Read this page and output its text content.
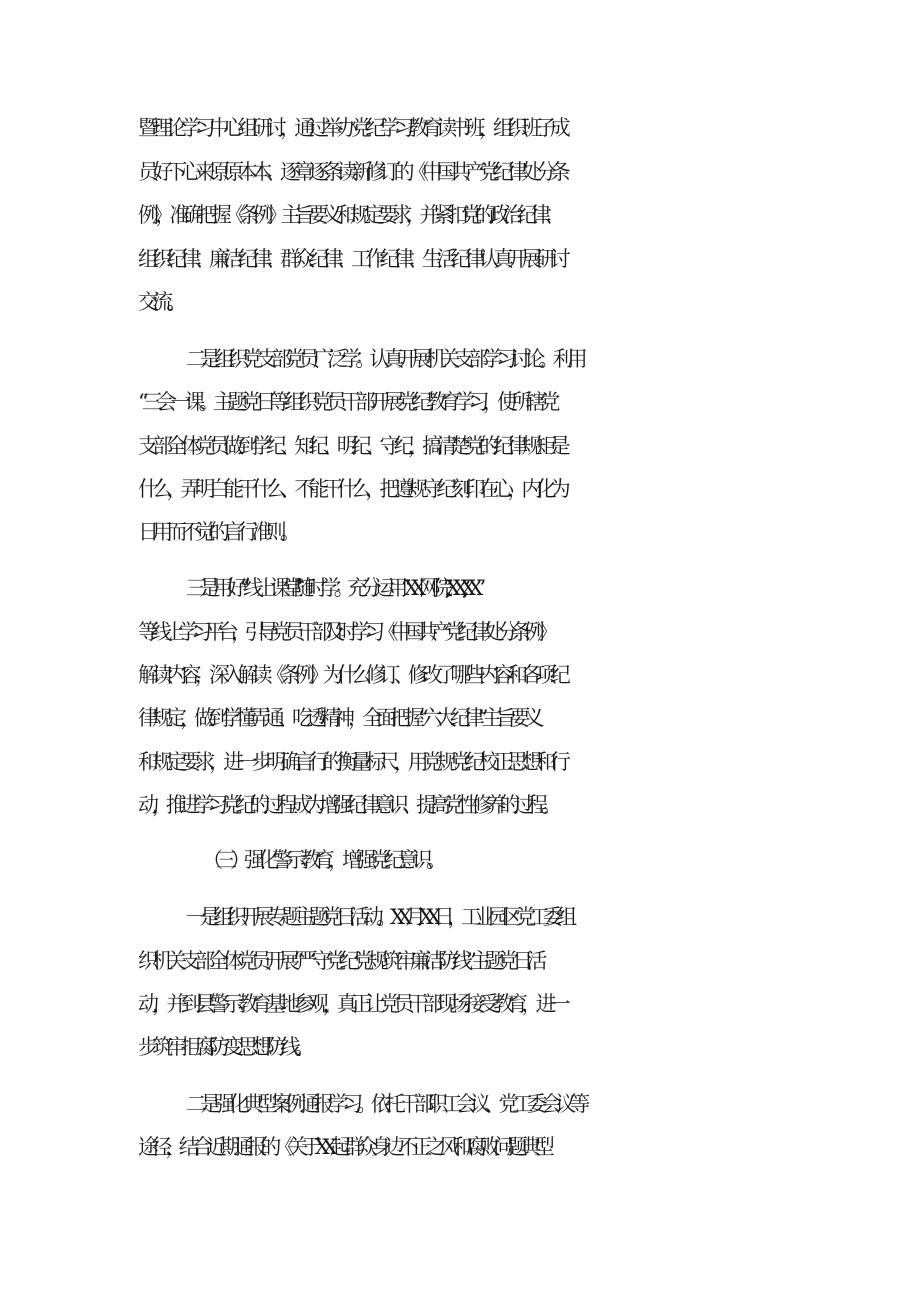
暨理论学习中心组研讨，通过举办党纪学习教育读书班，组织班子成
员好下心来原原本本、逐章逐条读新修订的《中国共产党纪律处分条
例》，准确把握《条例》主旨要义和规定要求，并紧扣党的政治纪律、
组织纪律、廉洁纪律、群众纪律、工作纪律、生活纪律认真开展研讨
交流。
二是组织党支部党员广泛学。认真开展机关支部学习讨论。利用
“三会一课。主题党日等组织党员干部开展党纪教育学习，使所辖党
支部全体党员做到学纪、知纪、明纪、守纪，搞清楚党的纪律规矩是
什么，弄明白能干什么、不能干什么，把遵规守纪刻印在心，内化为
日用而不觉的言行准则。
三是用好“线上课堂’'随时学。充分运用“XX网院,, “XX” ,,XX”
等线上学习平台，引导党员干部及时学习《中国共产党纪律处分条例》
解读内容，深入解读《条例》为什么修订、修改了哪些内容和各项纪
律规定，做到学懂弄通、吃透精神，全面把握“六大纪律”主旨要义
和规定要求，进一步明确言行的衡量标尺，用党规党纪校正思想和行
动，推进学习党纪的过程成为增强纪律意识、提高党性修养的过程。
（三）强化警示教育，增强党纪意识。
一是组织开展专题主题党日活动。XX月XX日，工业园区党工委组
织机关支部全体党员开展“严守党纪党规筑牢廉洁防线”主题党日活
动，并到县警示教育基地参观，真正让党员干部现场接受教育，进一
步筑牢拒腐防变思想防线。
二是强化典型案例通报学习。依托干部职工会议、党工委会议等
途径，结合近期通报的《关于XX起群众身边不正之风和腐败问题典型
